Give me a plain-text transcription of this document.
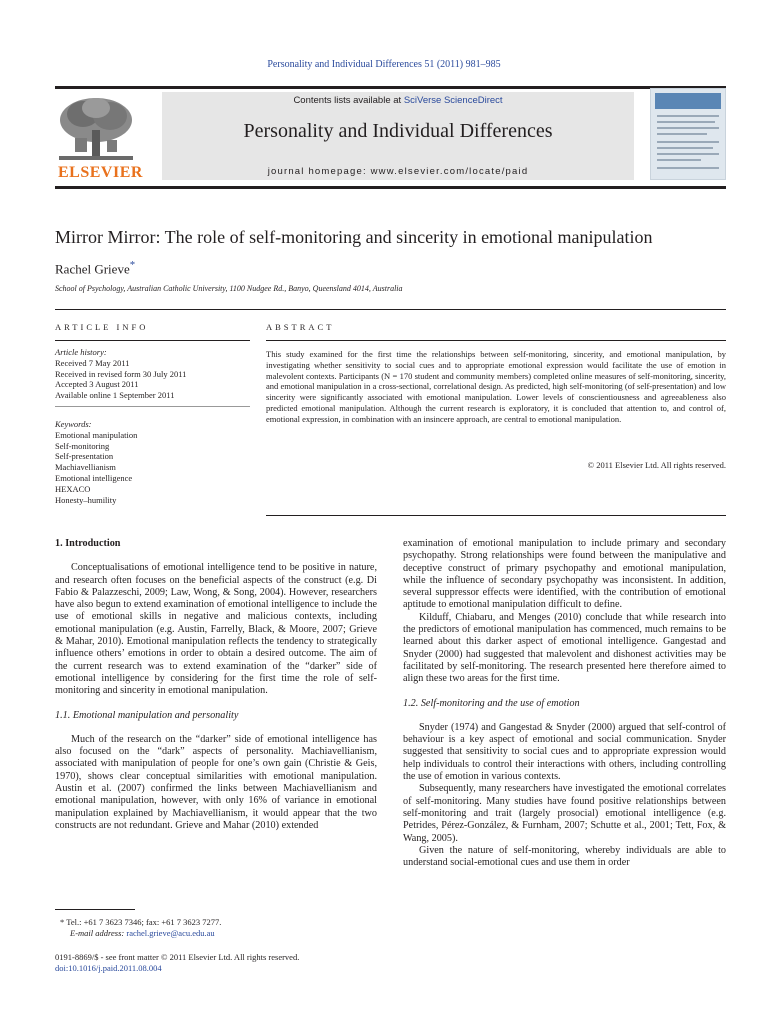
Personality and Individual Differences 51 (2011) 981–985
ELSEVIER
Contents lists available at SciVerse ScienceDirect
Personality and Individual Differences
journal homepage: www.elsevier.com/locate/paid
Mirror Mirror: The role of self-monitoring and sincerity in emotional manipulation
Rachel Grieve*
School of Psychology, Australian Catholic University, 1100 Nudgee Rd., Banyo, Queensland 4014, Australia
ARTICLE INFO
Article history:
Received 7 May 2011
Received in revised form 30 July 2011
Accepted 3 August 2011
Available online 1 September 2011
Keywords:
Emotional manipulation
Self-monitoring
Self-presentation
Machiavellianism
Emotional intelligence
HEXACO
Honesty–humility
ABSTRACT
This study examined for the first time the relationships between self-monitoring, sincerity, and emotional manipulation, by investigating whether sensitivity to social cues and to appropriate emotional expression would facilitate the use of emotion in malevolent contexts. Participants (N = 170 student and community members) completed online measures of self-monitoring, sincerity, and emotional manipulation in a cross-sectional, correlational design. As predicted, high self-monitoring (of self-presentation) and low sincerity were significantly associated with emotional manipulation. Lower levels of conscientiousness and agreeableness also predicted emotional manipulation. Although the current research is exploratory, it is concluded that attention to, and control of, emotional expression, in combination with an insincere approach, are central to emotional manipulation.
© 2011 Elsevier Ltd. All rights reserved.
1. Introduction

Conceptualisations of emotional intelligence tend to be positive in nature, and research often focuses on the beneficial aspects of the construct (e.g. Di Fabio & Palazzeschi, 2009; Law, Wong, & Song, 2004). However, researchers have also begun to extend examination of emotional intelligence to include the use of emotional skills in negative and malicious contexts, including emotional manipulation (e.g. Austin, Farrelly, Black, & Moore, 2007; Grieve & Mahar, 2010). Emotional manipulation reflects the tendency to strategically influence others’ emotions in order to obtain a desired outcome. The aim of the current research was to extend examination of the “darker” side of emotional intelligence by considering for the first time the role of self-monitoring and sincerity in emotional manipulation.

1.1. Emotional manipulation and personality

Much of the research on the “darker” side of emotional intelligence has also focused on the “dark” aspects of personality. Machiavellianism, associated with manipulation of people for one’s own gain (Christie & Geis, 1970), shows clear conceptual similarities with emotional manipulation. Austin et al. (2007) confirmed the links between Machiavellianism and emotional manipulation, however, with only 16% of variance in emotional manipulation explained by Machiavellianism, it would appear that the two constructs are not redundant. Grieve and Mahar (2010) extended

* Tel.: +61 7 3623 7346; fax: +61 7 3623 7277.
E-mail address: rachel.grieve@acu.edu.au
0191-8869/$ - see front matter © 2011 Elsevier Ltd. All rights reserved.
doi:10.1016/j.paid.2011.08.004
examination of emotional manipulation to include primary and secondary psychopathy. Strong relationships were found between the manipulative and deceptive construct of primary psychopathy and emotional manipulation, while the influence of secondary psychopathy was inconsistent. In addition, several suppressor effects were identified, with the contribution of emotional aptitude to emotional manipulation difficult to define.

Kilduff, Chiabaru, and Menges (2010) conclude that while research into the predictors of emotional manipulation has commenced, much remains to be learned about this darker aspect of emotional intelligence. Gangestad and Snyder (2000) had suggested that malevolent and dishonest activities may be facilitated by self-monitoring. The research presented here therefore aimed to align these two areas for the first time.

1.2. Self-monitoring and the use of emotion

Snyder (1974) and Gangestad & Snyder (2000) argued that self-control of behaviour is a key aspect of emotional and social communication. Snyder suggested that sensitivity to social cues and to appropriate expression would help individuals to control their interactions with others, including controlling the use of emotion in various contexts.

Subsequently, many researchers have investigated the emotional correlates of self-monitoring. Many studies have found positive relationships between self-monitoring and trait (largely prosocial) emotional intelligence (e.g. Petrides, Pérez-González, & Furnham, 2007; Schutte et al., 2001; Tett, Fox, & Wang, 2005).

Given the nature of self-monitoring, whereby individuals are able to understand social-emotional cues and use them in order
